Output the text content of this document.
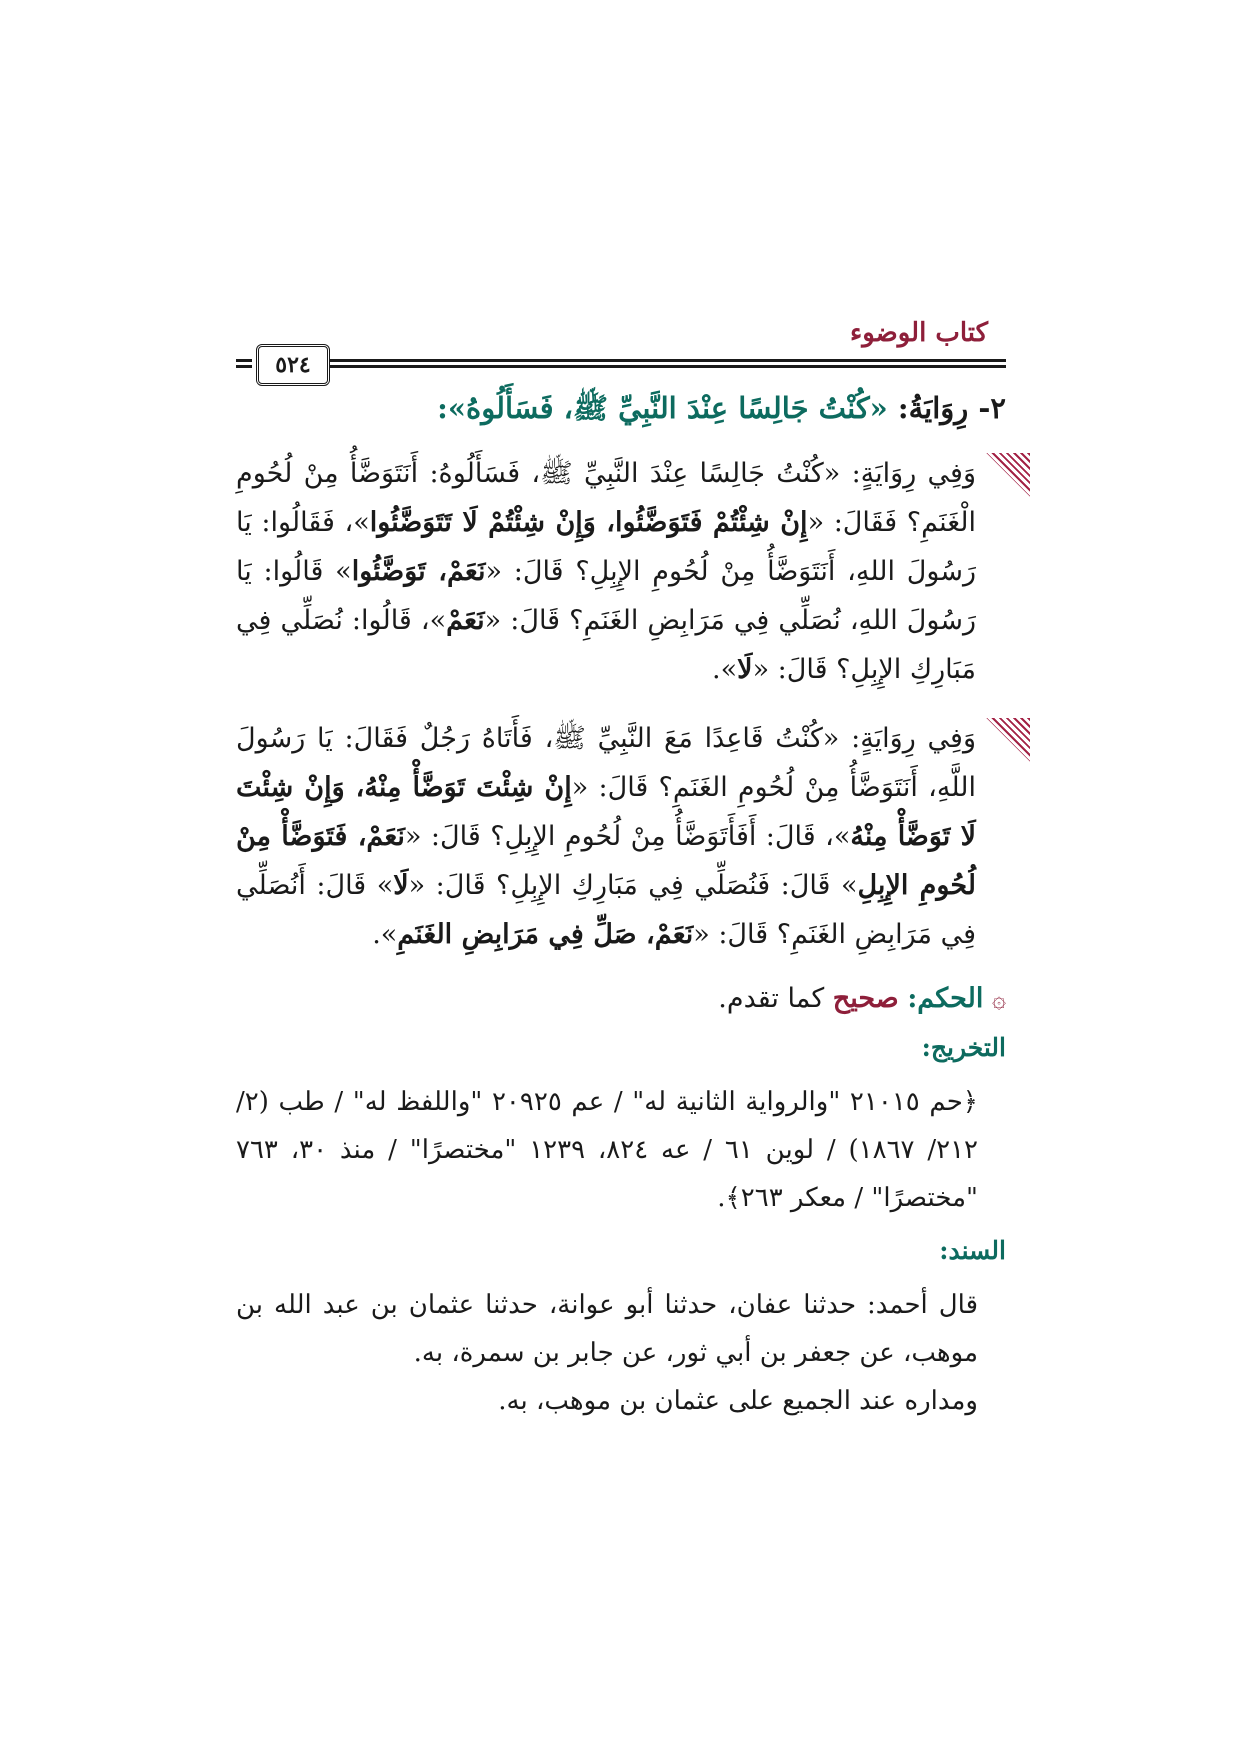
كتاب الوضوء
٥٢٤
٢- رِوَايَةُ: «كُنْتُ جَالِسًا عِنْدَ النَّبِيِّ ﷺ، فَسَأَلُوهُ»:
وَفِي رِوَايَةٍ: «كُنْتُ جَالِسًا عِنْدَ النَّبِيِّ ﷺ، فَسَأَلُوهُ: أَنَتَوَضَّأُ مِنْ لُحُومِ الْغَنَمِ؟ فَقَالَ: «إِنْ شِئْتُمْ فَتَوَضَّئُوا، وَإِنْ شِئْتُمْ لَا تَتَوَضَّئُوا»، فَقَالُوا: يَا رَسُولَ اللهِ، أَنَتَوَضَّأُ مِنْ لُحُومِ الإِبِلِ؟ قَالَ: «نَعَمْ، تَوَضَّئُوا» قَالُوا: يَا رَسُولَ اللهِ، نُصَلِّي فِي مَرَابِضِ الغَنَمِ؟ قَالَ: «نَعَمْ»، قَالُوا: نُصَلِّي فِي مَبَارِكِ الإِبِلِ؟ قَالَ: «لَا».
وَفِي رِوَايَةٍ: «كُنْتُ قَاعِدًا مَعَ النَّبِيِّ ﷺ، فَأَتَاهُ رَجُلٌ فَقَالَ: يَا رَسُولَ اللَّهِ، أَنَتَوَضَّأُ مِنْ لُحُومِ الغَنَمِ؟ قَالَ: «إِنْ شِئْتَ تَوَضَّأْ مِنْهُ، وَإِنْ شِئْتَ لَا تَوَضَّأْ مِنْهُ»، قَالَ: أَفَأَتَوَضَّأُ مِنْ لُحُومِ الإِبِلِ؟ قَالَ: «نَعَمْ، فَتَوَضَّأْ مِنْ لُحُومِ الإِبِلِ» قَالَ: فَنُصَلِّي فِي مَبَارِكِ الإِبِلِ؟ قَالَ: «لَا» قَالَ: أَنُصَلِّي فِي مَرَابِضِ الغَنَمِ؟ قَالَ: «نَعَمْ، صَلِّ فِي مَرَابِضِ الغَنَمِ».
۞ الحكم: صحيح كما تقدم.
التخريج:

﴿حم ٢١٠١٥ "والرواية الثانية له" / عم ٢٠٩٢٥ "واللفظ له" / طب (٢/ ٢١٢/ ١٨٦٧) / لوين ٦١ / عه ٨٢٤، ١٢٣٩ "مختصرًا" / منذ ٣٠، ٧٦٣ "مختصرًا" / معكر ٢٦٣﴾.

السند:

قال أحمد: حدثنا عفان، حدثنا أبو عوانة، حدثنا عثمان بن عبد الله بن موهب، عن جعفر بن أبي ثور، عن جابر بن سمرة، به.

ومداره عند الجميع على عثمان بن موهب، به.
